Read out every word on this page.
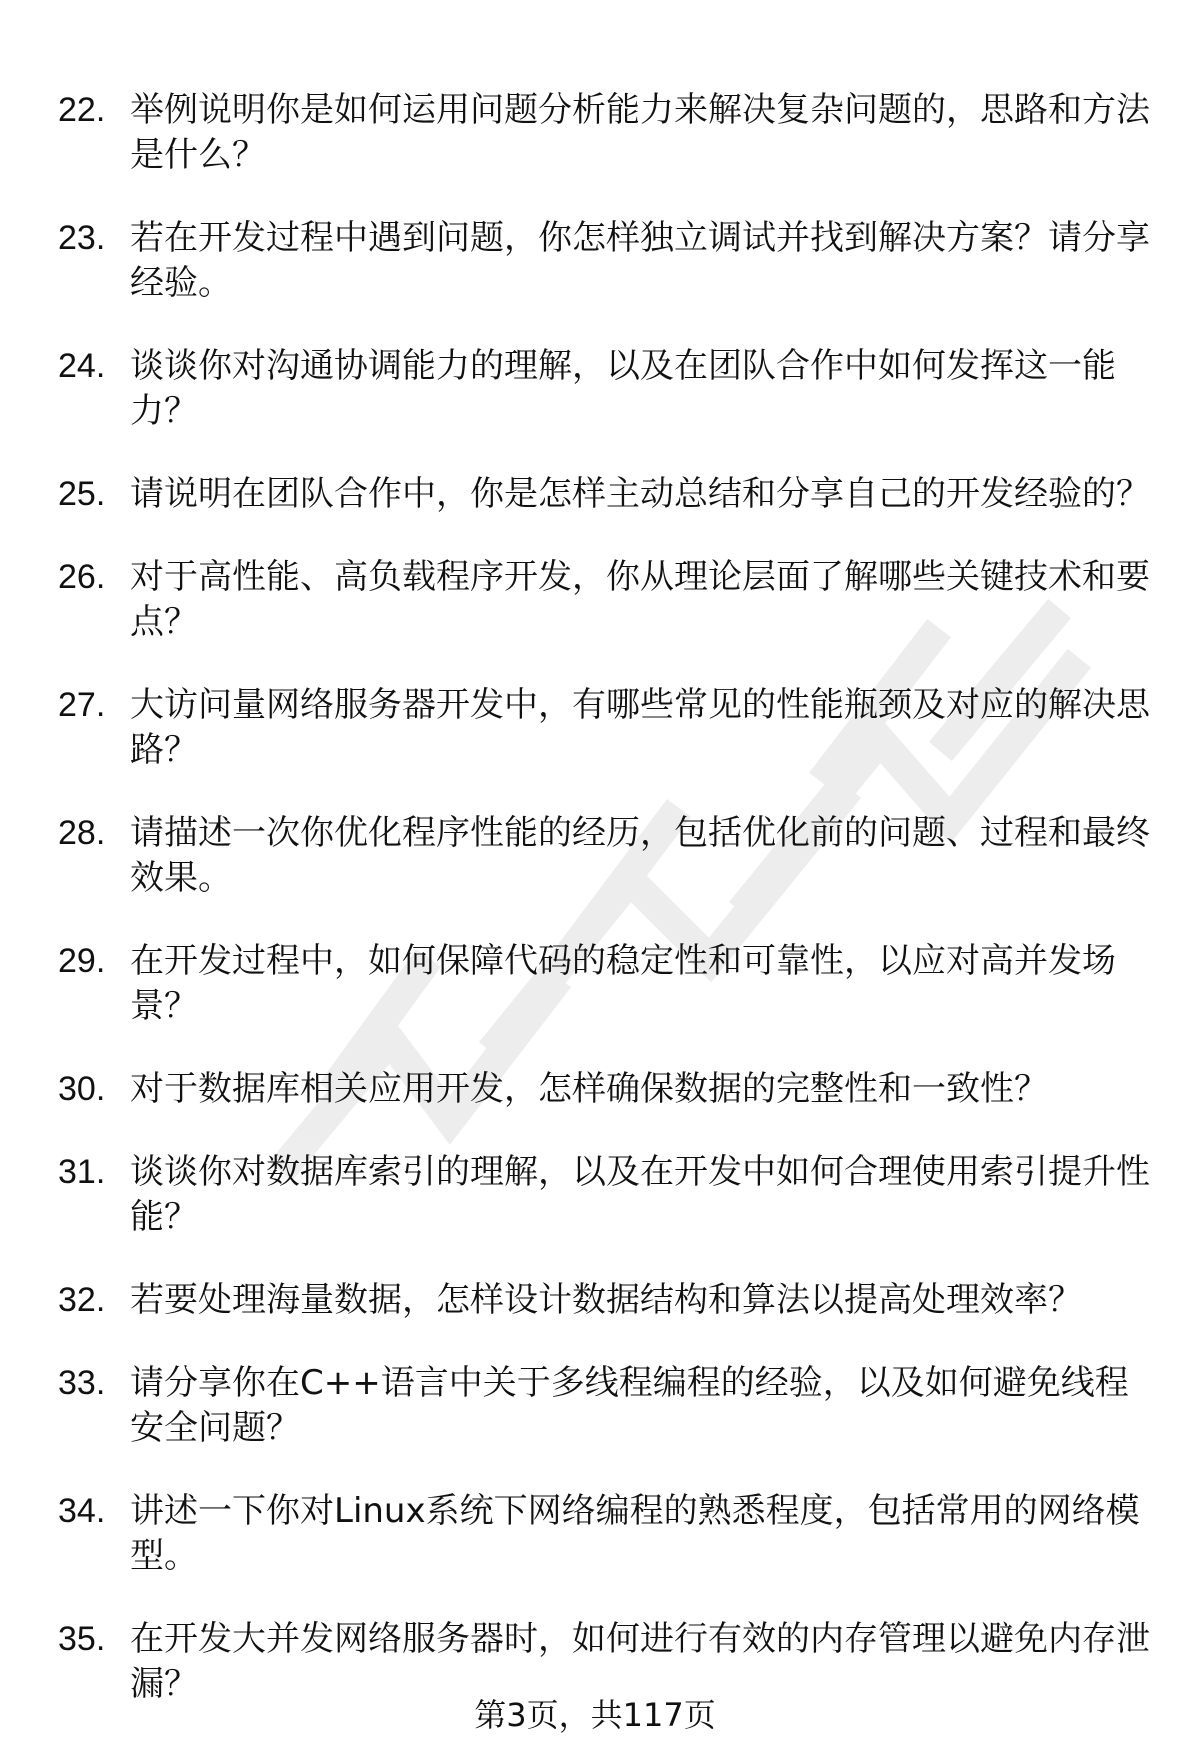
22. 举例说明你是如何运用问题分析能力来解决复杂问题的，思路和方法是什么？
23. 若在开发过程中遇到问题，你怎样独立调试并找到解决方案？请分享经验。
24. 谈谈你对沟通协调能力的理解，以及在团队合作中如何发挥这一能力？
25. 请说明在团队合作中，你是怎样主动总结和分享自己的开发经验的？
26. 对于高性能、高负载程序开发，你从理论层面了解哪些关键技术和要点？
27. 大访问量网络服务器开发中，有哪些常见的性能瓶颈及对应的解决思路？
28. 请描述一次你优化程序性能的经历，包括优化前的问题、过程和最终效果。
29. 在开发过程中，如何保障代码的稳定性和可靠性，以应对高并发场景？
30. 对于数据库相关应用开发，怎样确保数据的完整性和一致性？
31. 谈谈你对数据库索引的理解，以及在开发中如何合理使用索引提升性能？
32. 若要处理海量数据，怎样设计数据结构和算法以提高处理效率？
33. 请分享你在C++语言中关于多线程编程的经验，以及如何避免线程安全问题？
34. 讲述一下你对Linux系统下网络编程的熟悉程度，包括常用的网络模型。
35. 在开发大并发网络服务器时，如何进行有效的内存管理以避免内存泄漏？
第3页，共117页
